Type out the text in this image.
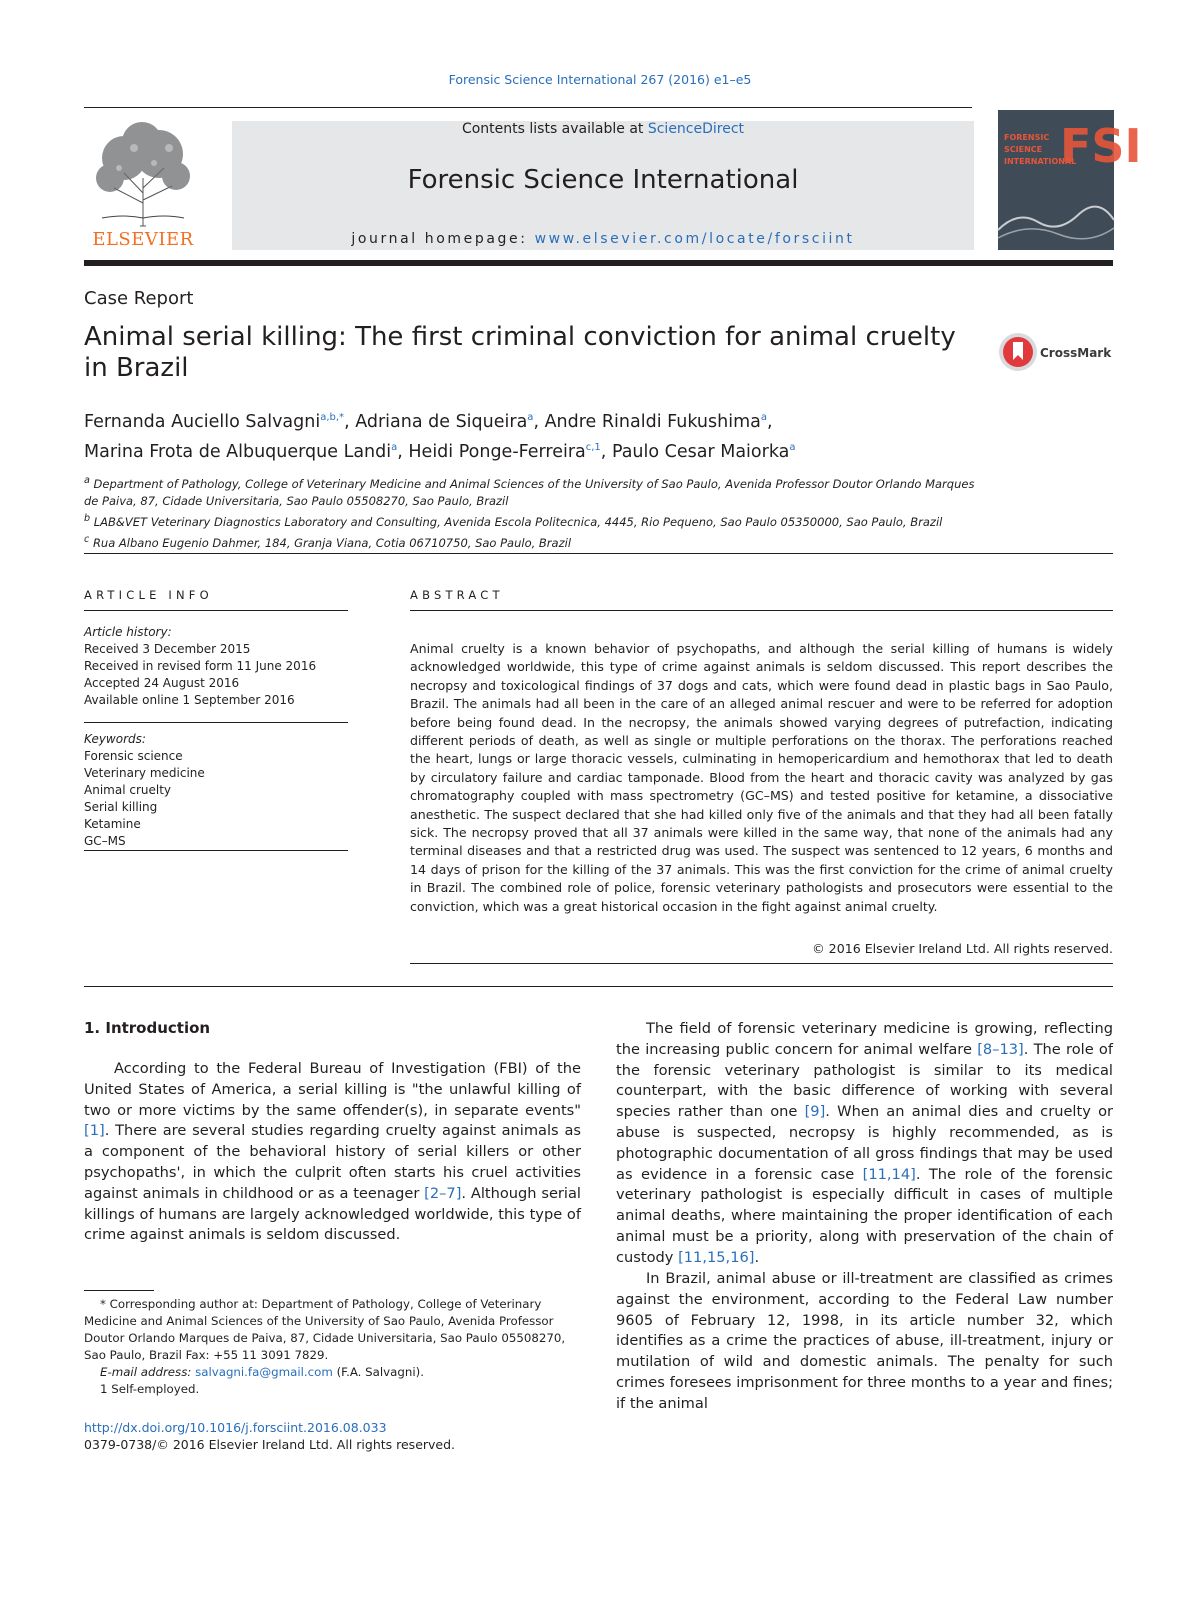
Forensic Science International 267 (2016) e1–e5
ELSEVIER
Contents lists available at ScienceDirect
Forensic Science International
journal homepage: www.elsevier.com/locate/forsciint
FSI
FORENSIC
SCIENCE
INTERNATIONAL
Case Report
Animal serial killing: The first criminal conviction for animal cruelty in Brazil	CrossMark
Fernanda Auciello Salvagni$^{a,b,*}$, Adriana de Siqueira$^a$, Andre Rinaldi Fukushima$^a$,
Marina Frota de Albuquerque Landi$^a$, Heidi Ponge-Ferreira$^{c,1}$, Paulo Cesar Maiorka$^a$

$^a$ Department of Pathology, College of Veterinary Medicine and Animal Sciences of the University of Sao Paulo, Avenida Professor Doutor Orlando Marques de Paiva, 87, Cidade Universitaria, Sao Paulo 05508270, Sao Paulo, Brazil

$^b$ LAB&VET Veterinary Diagnostics Laboratory and Consulting, Avenida Escola Politecnica, 4445, Rio Pequeno, Sao Paulo 05350000, Sao Paulo, Brazil

$^c$ Rua Albano Eugenio Dahmer, 184, Granja Viana, Cotia 06710750, Sao Paulo, Brazil

ARTICLE INFO	ABSTRACT
Article history:
Received 3 December 2015
Received in revised form 11 June 2016
Accepted 24 August 2016
Available online 1 September 2016
Keywords:
Forensic science
Veterinary medicine
Animal cruelty
Serial killing
Ketamine
GC–MS
Animal cruelty is a known behavior of psychopaths, and although the serial killing of humans is widely acknowledged worldwide, this type of crime against animals is seldom discussed. This report describes the necropsy and toxicological findings of 37 dogs and cats, which were found dead in plastic bags in Sao Paulo, Brazil. The animals had all been in the care of an alleged animal rescuer and were to be referred for adoption before being found dead. In the necropsy, the animals showed varying degrees of putrefaction, indicating different periods of death, as well as single or multiple perforations on the thorax. The perforations reached the heart, lungs or large thoracic vessels, culminating in hemopericardium and hemothorax that led to death by circulatory failure and cardiac tamponade. Blood from the heart and thoracic cavity was analyzed by gas chromatography coupled with mass spectrometry (GC–MS) and tested positive for ketamine, a dissociative anesthetic. The suspect declared that she had killed only five of the animals and that they had all been fatally sick. The necropsy proved that all 37 animals were killed in the same way, that none of the animals had any terminal diseases and that a restricted drug was used. The suspect was sentenced to 12 years, 6 months and 14 days of prison for the killing of the 37 animals. This was the first conviction for the crime of animal cruelty in Brazil. The combined role of police, forensic veterinary pathologists and prosecutors were essential to the conviction, which was a great historical occasion in the fight against animal cruelty.
© 2016 Elsevier Ireland Ltd. All rights reserved.
1. Introduction
According to the Federal Bureau of Investigation (FBI) of the United States of America, a serial killing is "the unlawful killing of two or more victims by the same offender(s), in separate events" [1]. There are several studies regarding cruelty against animals as a component of the behavioral history of serial killers or other psychopaths', in which the culprit often starts his cruel activities against animals in childhood or as a teenager [2–7]. Although serial killings of humans are largely acknowledged worldwide, this type of crime against animals is seldom discussed.
The field of forensic veterinary medicine is growing, reflecting the increasing public concern for animal welfare [8–13]. The role of the forensic veterinary pathologist is similar to its medical counterpart, with the basic difference of working with several species rather than one [9]. When an animal dies and cruelty or abuse is suspected, necropsy is highly recommended, as is photographic documentation of all gross findings that may be used as evidence in a forensic case [11,14]. The role of the forensic veterinary pathologist is especially difficult in cases of multiple animal deaths, where maintaining the proper identification of each animal must be a priority, along with preservation of the chain of custody [11,15,16].
In Brazil, animal abuse or ill-treatment are classified as crimes against the environment, according to the Federal Law number 9605 of February 12, 1998, in its article number 32, which identifies as a crime the practices of abuse, ill-treatment, injury or mutilation of wild and domestic animals. The penalty for such crimes foresees imprisonment for three months to a year and fines; if the animal

* Corresponding author at: Department of Pathology, College of Veterinary Medicine and Animal Sciences of the University of Sao Paulo, Avenida Professor Doutor Orlando Marques de Paiva, 87, Cidade Universitaria, Sao Paulo 05508270, Sao Paulo, Brazil Fax: +55 11 3091 7829.

E-mail address: salvagni.fa@gmail.com (F.A. Salvagni).

1 Self-employed.

http://dx.doi.org/10.1016/j.forsciint.2016.08.033
0379-0738/© 2016 Elsevier Ireland Ltd. All rights reserved.
